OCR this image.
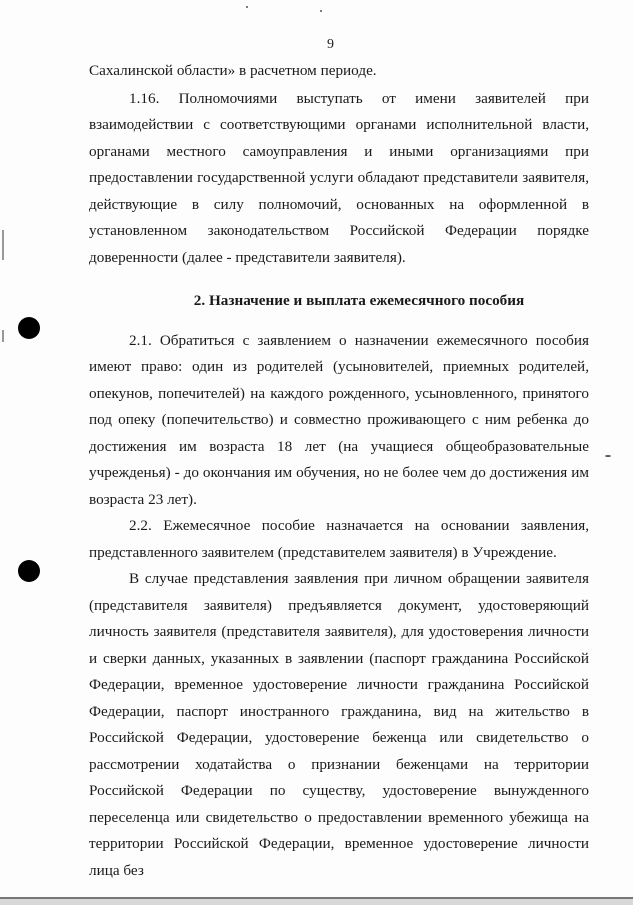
9

Сахалинской области» в расчетном периоде.

1.16. Полномочиями выступать от имени заявителей при взаимодействии с соответствующими органами исполнительной власти, органами местного самоуправления и иными организациями при предоставлении государственной услуги обладают представители заявителя, действующие в силу полномочий, основанных на оформленной в установленном законодательством Российской Федерации порядке доверенности (далее - представители заявителя).

2. Назначение и выплата ежемесячного пособия

2.1. Обратиться с заявлением о назначении ежемесячного пособия имеют право: один из родителей (усыновителей, приемных родителей, опекунов, попечителей) на каждого рожденного, усыновленного, принятого под опеку (попечительство) и совместно проживающего с ним ребенка до достижения им возраста 18 лет (на учащиеся общеобразовательные учрежденья) - до окончания им обучения, но не более чем до достижения им возраста 23 лет).

2.2. Ежемесячное пособие назначается на основании заявления, представленного заявителем (представителем заявителя) в Учреждение.

В случае представления заявления при личном обращении заявителя (представителя заявителя) предъявляется документ, удостоверяющий личность заявителя (представителя заявителя), для удостоверения личности и сверки данных, указанных в заявлении (паспорт гражданина Российской Федерации, временное удостоверение личности гражданина Российской Федерации, паспорт иностранного гражданина, вид на жительство в Российской Федерации, удостоверение беженца или свидетельство о рассмотрении ходатайства о признании беженцами на территории Российской Федерации по существу, удостоверение вынужденного переселенца или свидетельство о предоставлении временного убежища на территории Российской Федерации, временное удостоверение личности лица без
